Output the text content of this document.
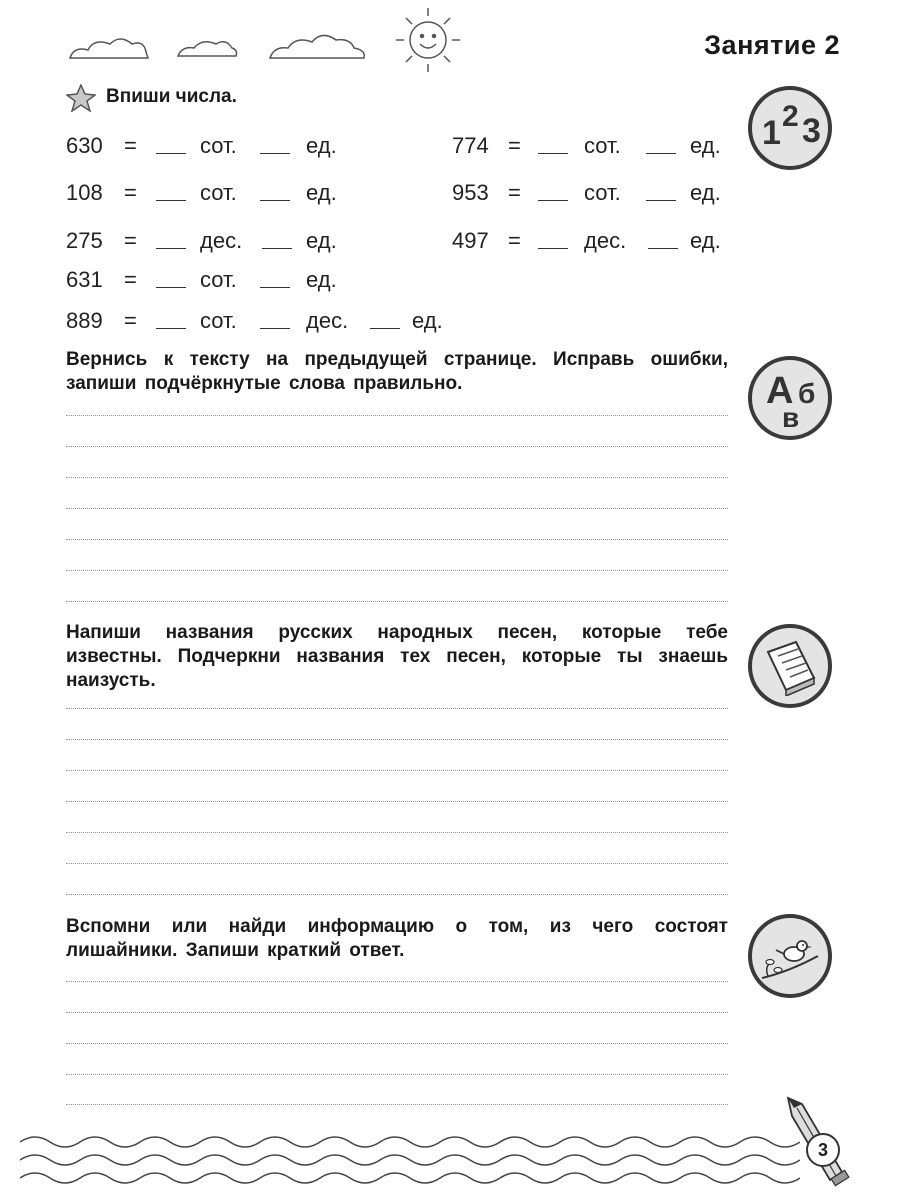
Занятие 2
Впиши числа.
630 =	сот.	ед.
108 =	сот.	ед.
275 =	дес.	ед.
631 =	сот.	ед.
889 =	сот.	дес.	ед.
774 =	сот.	ед.
953 =	сот.	ед.
497 =	дес.	ед.
1 2 3
Вернись к тексту на предыдущей странице. Исправь ошибки, запиши подчёркнутые слова правильно.	А б
в
Напиши названия русских народных песен, которые тебе известны. Подчеркни названия тех песен, которые ты знаешь наизусть.
Вспомни или найди информацию о том, из чего состоят лишайники. Запиши краткий ответ.
3
